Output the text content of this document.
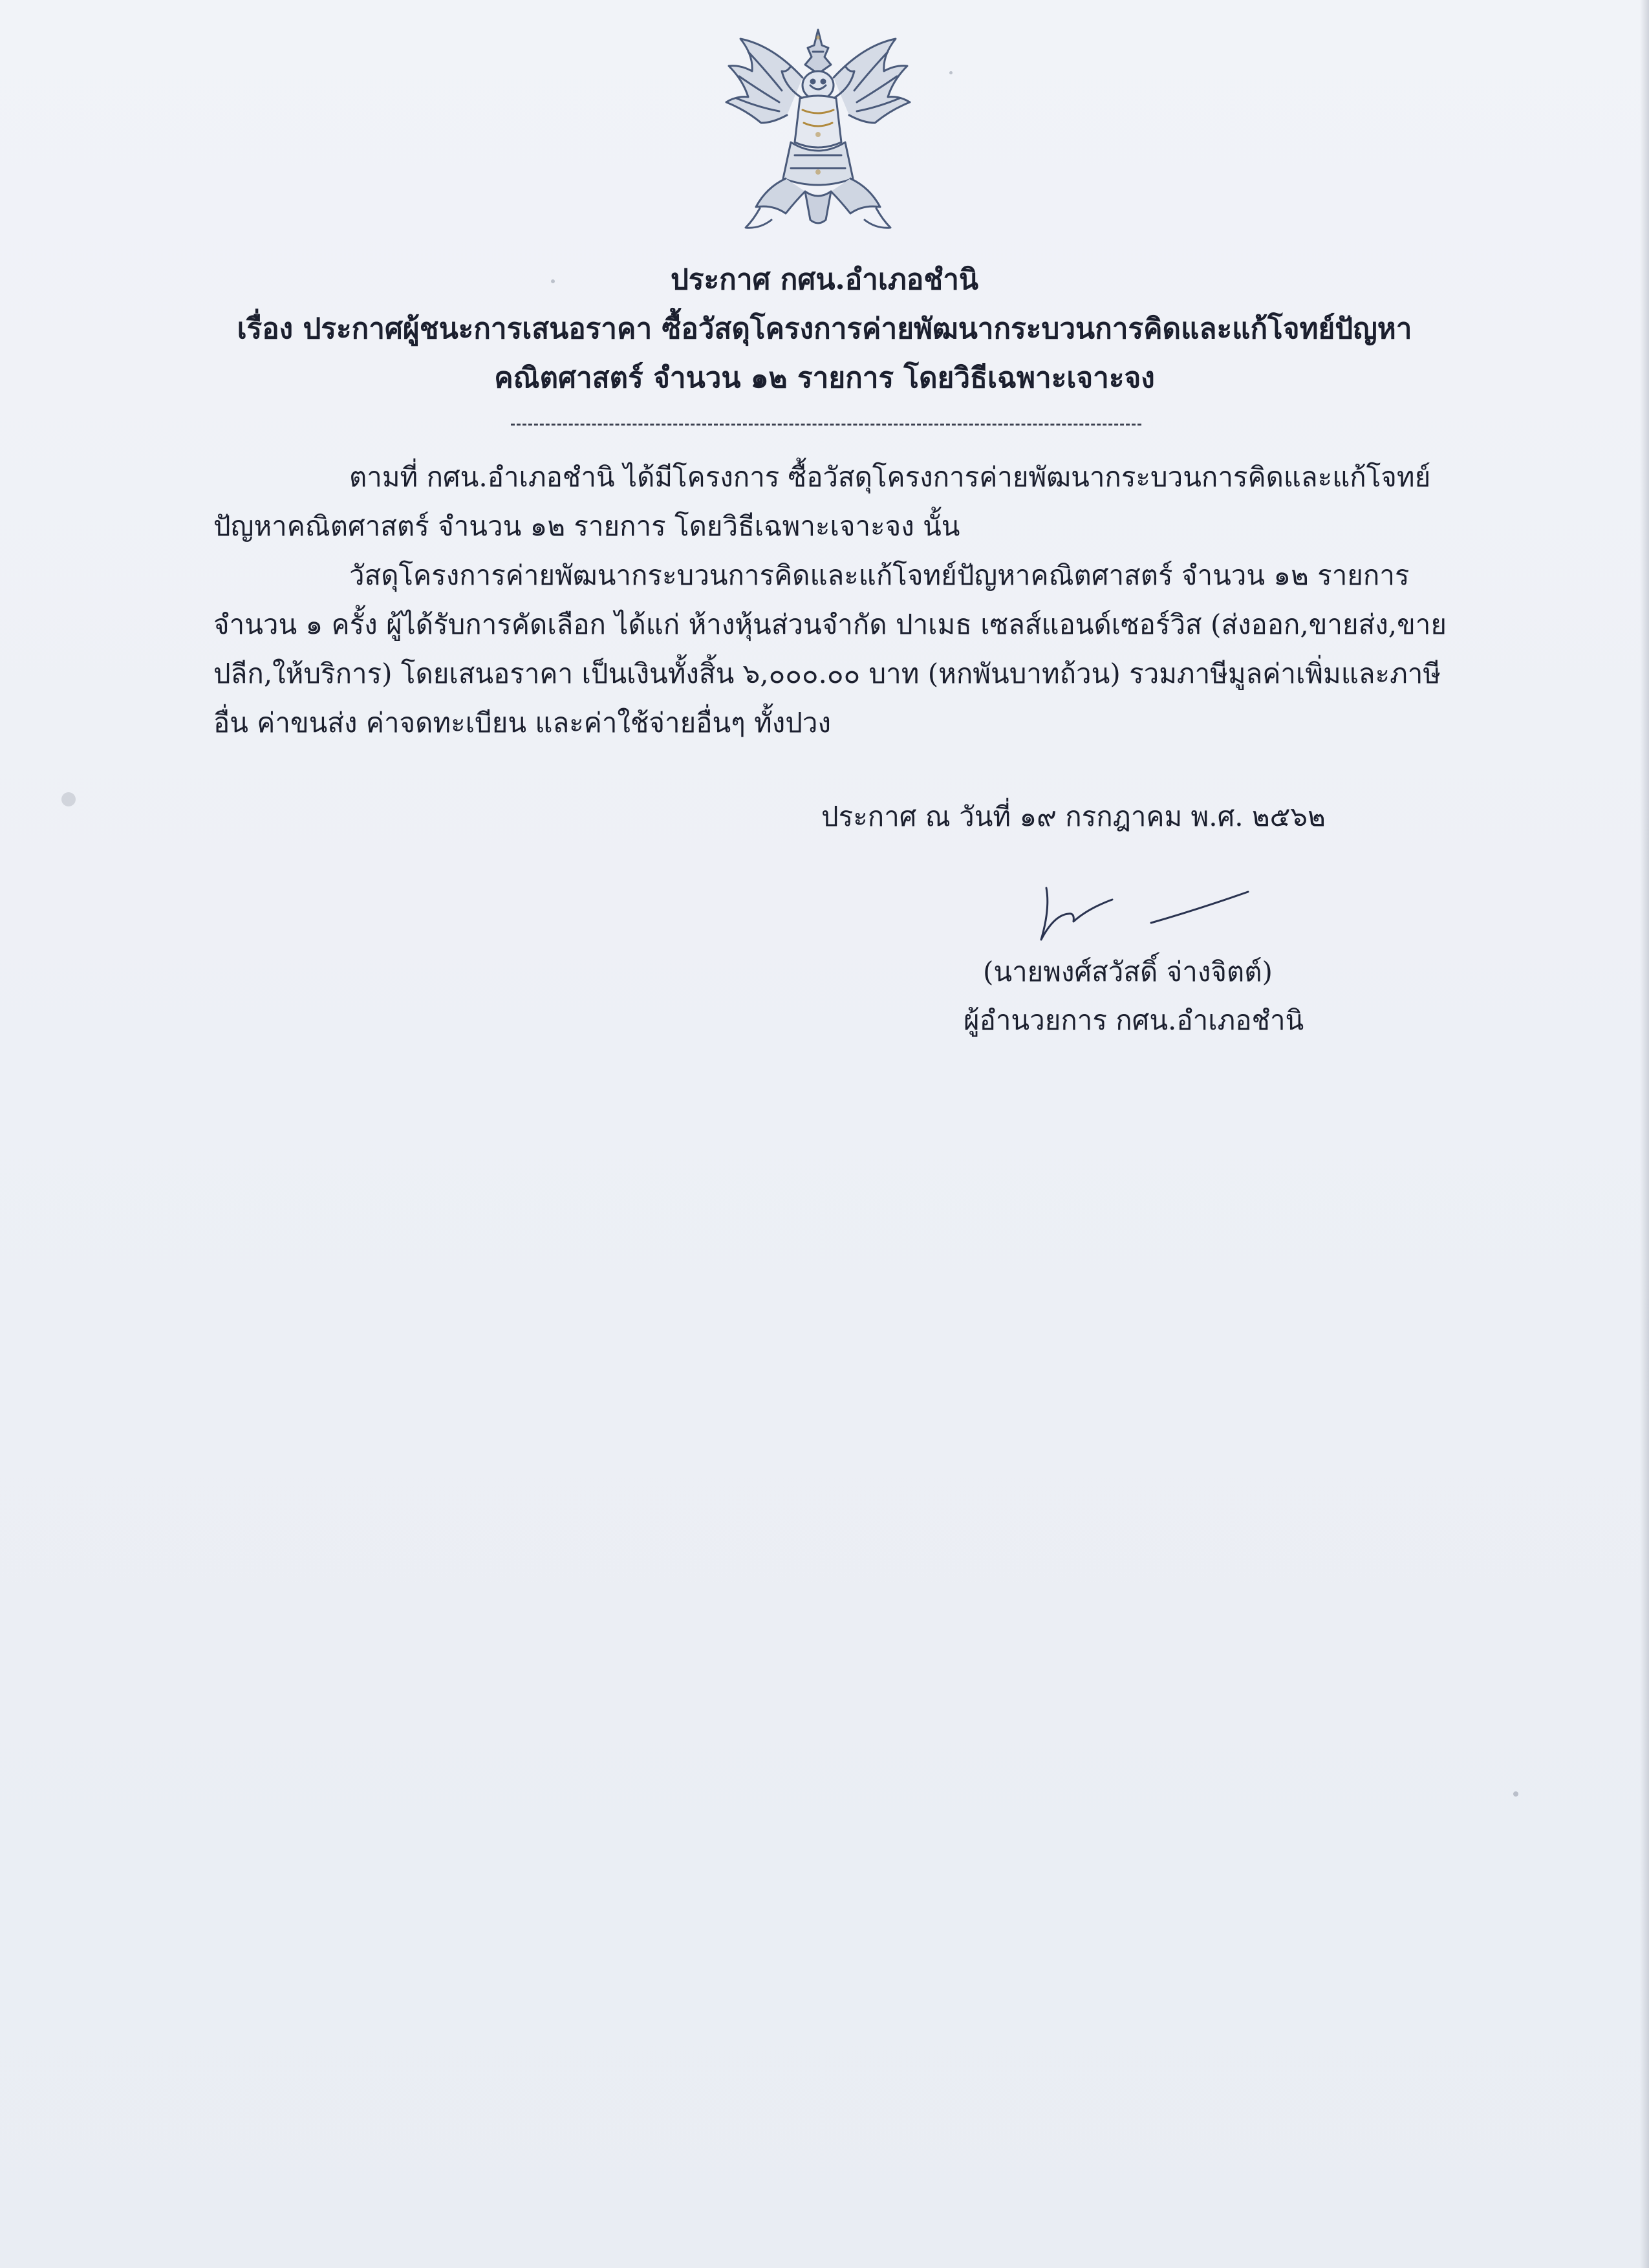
ประกาศ กศน.อำเภอชำนิ
เรื่อง ประกาศผู้ชนะการเสนอราคา ซื้อวัสดุโครงการค่ายพัฒนากระบวนการคิดและแก้โจทย์ปัญหา
คณิตศาสตร์ จำนวน ๑๒ รายการ โดยวิธีเฉพาะเจาะจง

ตามที่ กศน.อำเภอชำนิ ได้มีโครงการ ซื้อวัสดุโครงการค่ายพัฒนากระบวนการคิดและแก้โจทย์
ปัญหาคณิตศาสตร์ จำนวน ๑๒ รายการ โดยวิธีเฉพาะเจาะจง นั้น

วัสดุโครงการค่ายพัฒนากระบวนการคิดและแก้โจทย์ปัญหาคณิตศาสตร์ จำนวน ๑๒ รายการ
จำนวน ๑ ครั้ง ผู้ได้รับการคัดเลือก ได้แก่ ห้างหุ้นส่วนจำกัด ปาเมธ เซลส์แอนด์เซอร์วิส (ส่งออก,ขายส่ง,ขาย
ปลีก,ให้บริการ) โดยเสนอราคา เป็นเงินทั้งสิ้น ๖,๐๐๐.๐๐ บาท (หกพันบาทถ้วน) รวมภาษีมูลค่าเพิ่มและภาษี
อื่น ค่าขนส่ง ค่าจดทะเบียน และค่าใช้จ่ายอื่นๆ ทั้งปวง

ประกาศ ณ วันที่ ๑๙ กรกฎาคม พ.ศ. ๒๕๖๒
(นายพงศ์สวัสดิ์ จ่างจิตต์)
ผู้อำนวยการ กศน.อำเภอชำนิ
